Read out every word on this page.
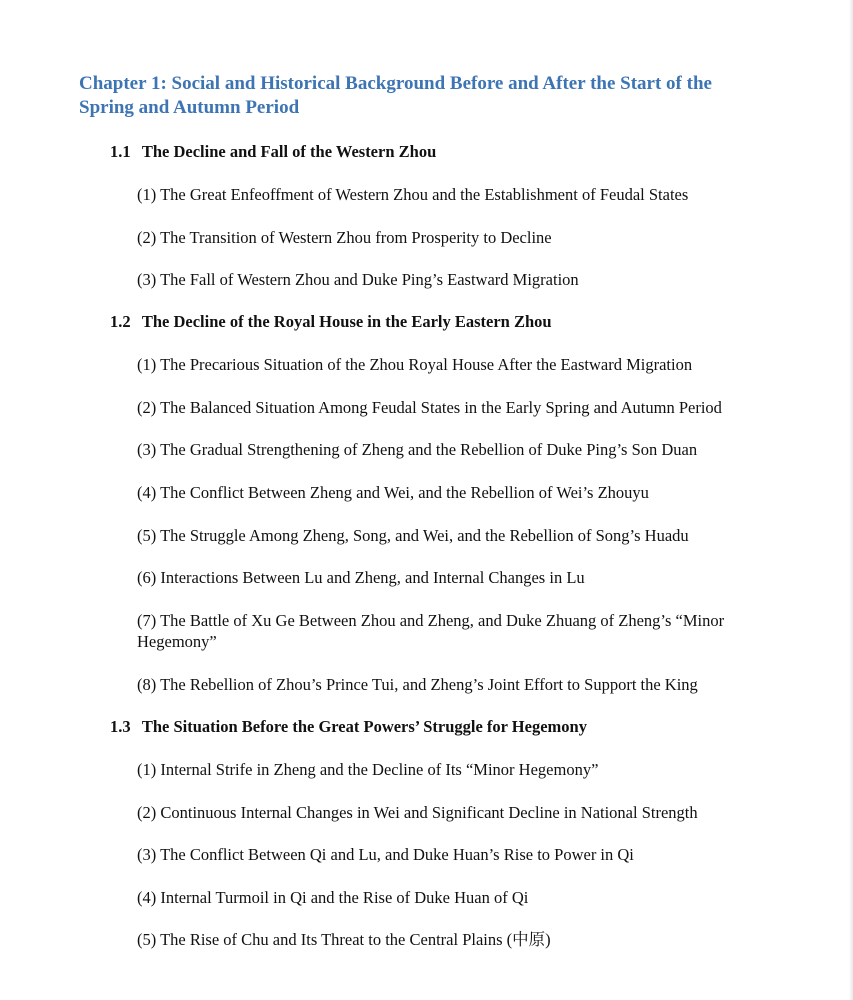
Chapter 1: Social and Historical Background Before and After the Start of the Spring and Autumn Period
1.1 The Decline and Fall of the Western Zhou

(1) The Great Enfeoffment of Western Zhou and the Establishment of Feudal States

(2) The Transition of Western Zhou from Prosperity to Decline

(3) The Fall of Western Zhou and Duke Ping’s Eastward Migration

1.2 The Decline of the Royal House in the Early Eastern Zhou

(1) The Precarious Situation of the Zhou Royal House After the Eastward Migration

(2) The Balanced Situation Among Feudal States in the Early Spring and Autumn Period

(3) The Gradual Strengthening of Zheng and the Rebellion of Duke Ping’s Son Duan

(4) The Conflict Between Zheng and Wei, and the Rebellion of Wei’s Zhouyu

(5) The Struggle Among Zheng, Song, and Wei, and the Rebellion of Song’s Huadu

(6) Interactions Between Lu and Zheng, and Internal Changes in Lu

(7) The Battle of Xu Ge Between Zhou and Zheng, and Duke Zhuang of Zheng’s “Minor Hegemony”

(8) The Rebellion of Zhou’s Prince Tui, and Zheng’s Joint Effort to Support the King

1.3 The Situation Before the Great Powers’ Struggle for Hegemony

(1) Internal Strife in Zheng and the Decline of Its “Minor Hegemony”

(2) Continuous Internal Changes in Wei and Significant Decline in National Strength

(3) The Conflict Between Qi and Lu, and Duke Huan’s Rise to Power in Qi

(4) Internal Turmoil in Qi and the Rise of Duke Huan of Qi

(5) The Rise of Chu and Its Threat to the Central Plains (中原)
